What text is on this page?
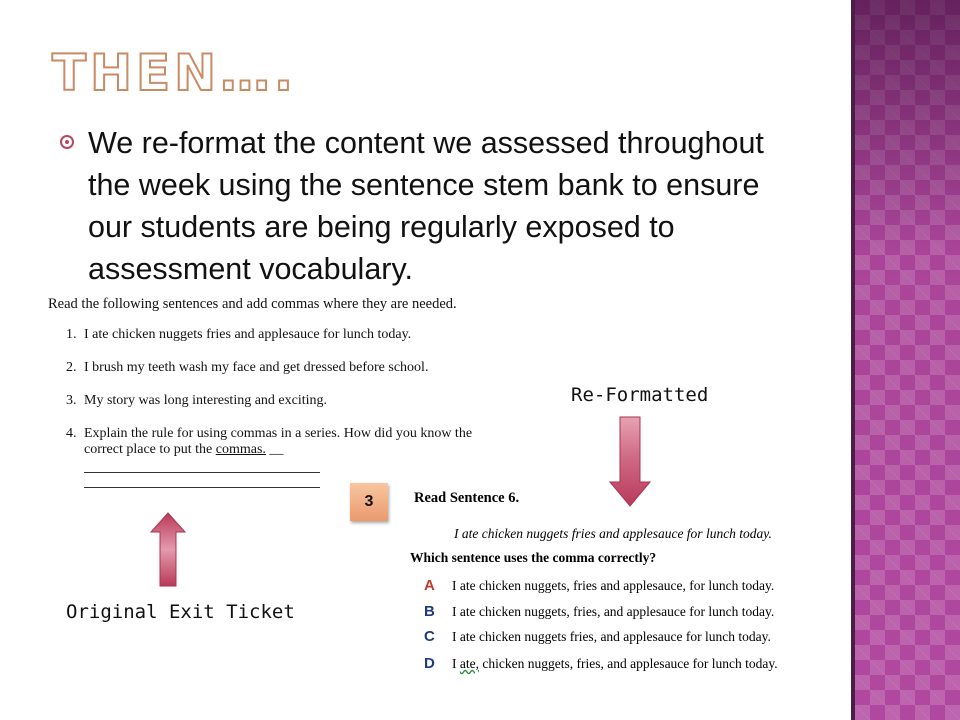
THEN….
We re-format the content we assessed throughout the week using the sentence stem bank to ensure our students are being regularly exposed to assessment vocabulary.
Read the following sentences and add commas where they are needed.
1. I ate chicken nuggets fries and applesauce for lunch today.
2. I brush my teeth wash my face and get dressed before school.
3. My story was long interesting and exciting.
4. Explain the rule for using commas in a series. How did you know the correct place to put the commas. __
Re-Formatted
Original Exit Ticket
3	Read Sentence 6.
I ate chicken nuggets fries and applesauce for lunch today.
Which sentence uses the comma correctly?
A I ate chicken nuggets, fries and applesauce, for lunch today.
B I ate chicken nuggets, fries, and applesauce for lunch today.
C I ate chicken nuggets fries, and applesauce for lunch today.
D I ate, chicken nuggets, fries, and applesauce for lunch today.
